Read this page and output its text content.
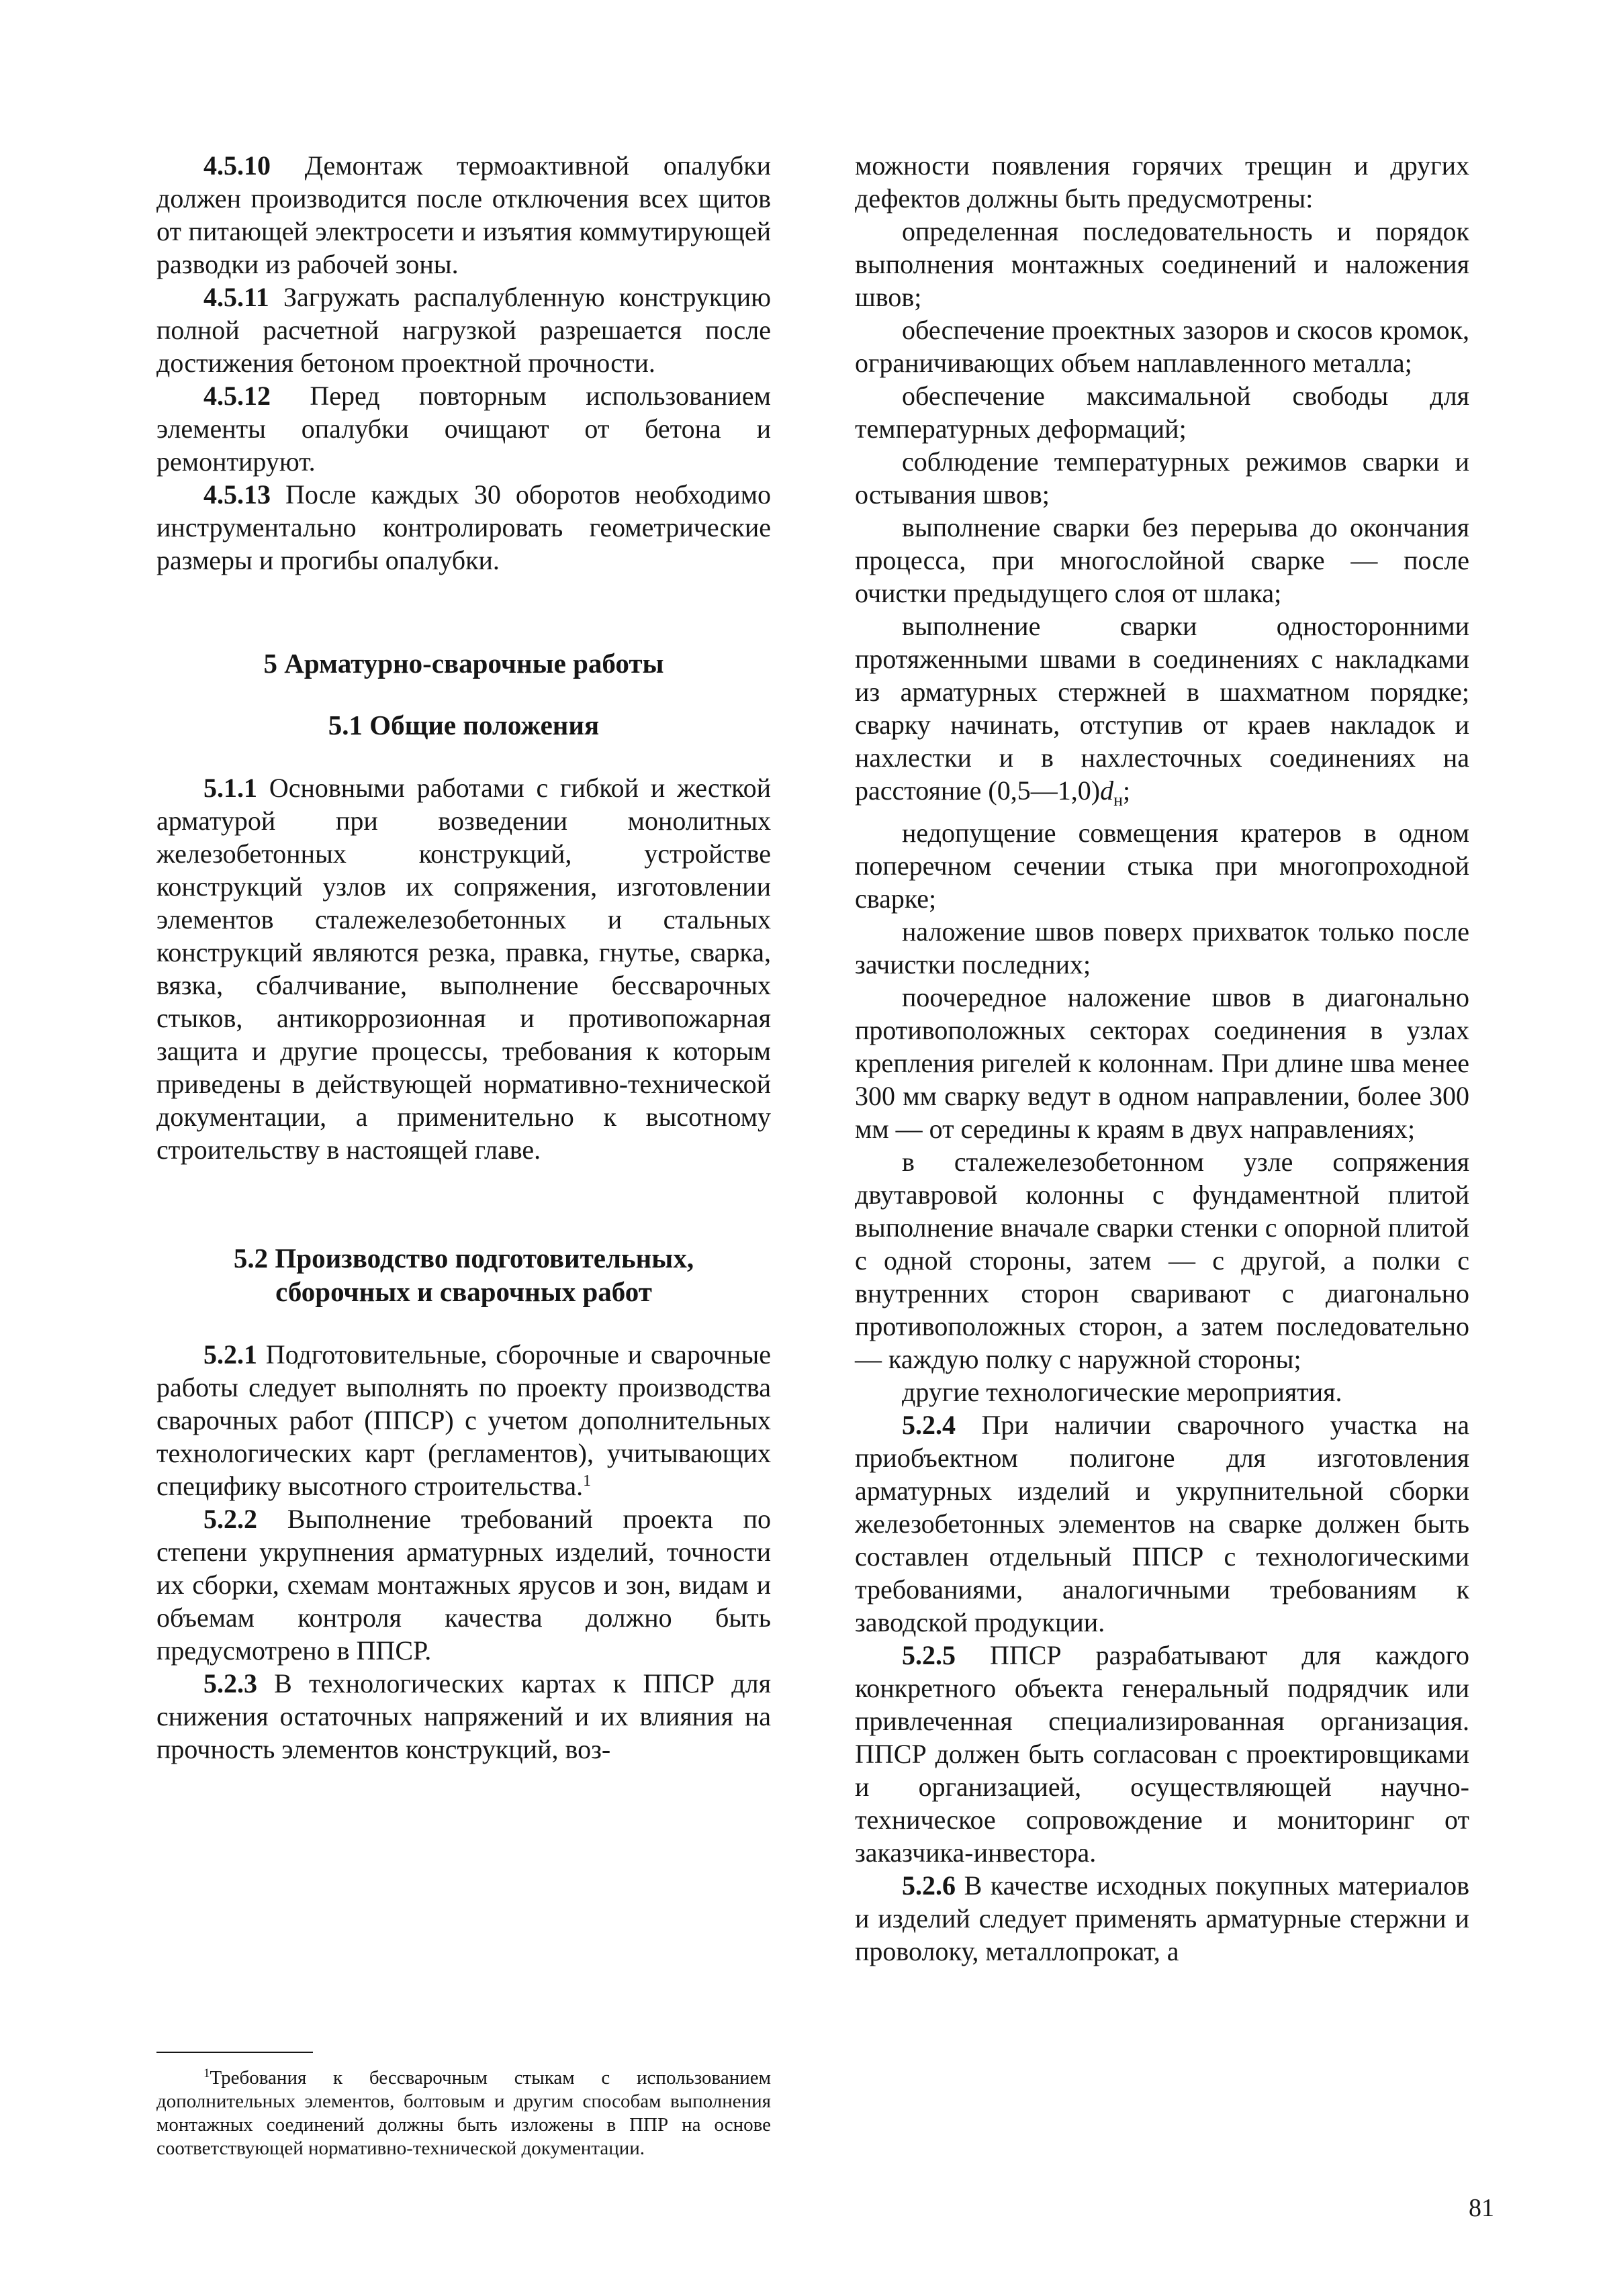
4.5.10 Демонтаж термоактивной опалубки должен производится после отключения всех щитов от питающей электросети и изъятия коммутирующей разводки из рабочей зоны.

4.5.11 Загружать распалубленную конструкцию полной расчетной нагрузкой разрешается после достижения бетоном проектной прочности.

4.5.12 Перед повторным использованием элементы опалубки очищают от бетона и ремонтируют.

4.5.13 После каждых 30 оборотов необходимо инструментально контролировать геометрические размеры и прогибы опалубки.

5 Арматурно-сварочные работы
5.1 Общие положения

5.1.1 Основными работами с гибкой и жесткой арматурой при возведении монолитных железобетонных конструкций, устройстве конструкций узлов их сопряжения, изготовлении элементов сталежелезобетонных и стальных конструкций являются резка, правка, гнутье, сварка, вязка, сбалчивание, выполнение бессварочных стыков, антикоррозионная и противопожарная защита и другие процессы, требования к которым приведены в действующей нормативно-технической документации, а применительно к высотному строительству в настоящей главе.

5.2 Производство подготовительных,
сборочных и сварочных работ

5.2.1 Подготовительные, сборочные и сварочные работы следует выполнять по проекту производства сварочных работ (ППСР) с учетом дополнительных технологических карт (регламентов), учитывающих специфику высотного строительства.$^1$

5.2.2 Выполнение требований проекта по степени укрупнения арматурных изделий, точности их сборки, схемам монтажных ярусов и зон, видам и объемам контроля качества должно быть предусмотрено в ППСР.

5.2.3 В технологических картах к ППСР для снижения остаточных напряжений и их влияния на прочность элементов конструкций, воз-

$^1$Требования к бессварочным стыкам с использованием дополнительных элементов, болтовым и другим способам выполнения монтажных соединений должны быть изложены в ППР на основе соответствующей нормативно-технической документации.

можности появления горячих трещин и других дефектов должны быть предусмотрены:

определенная последовательность и порядок выполнения монтажных соединений и наложения швов;

обеспечение проектных зазоров и скосов кромок, ограничивающих объем наплавленного металла;

обеспечение максимальной свободы для температурных деформаций;

соблюдение температурных режимов сварки и остывания швов;

выполнение сварки без перерыва до окончания процесса, при многослойной сварке — после очистки предыдущего слоя от шлака;

выполнение сварки односторонними протяженными швами в соединениях с накладками из арматурных стержней в шахматном порядке; сварку начинать, отступив от краев накладок и нахлестки и в нахлесточных соединениях на расстояние $(0,5—1,0)d_н$;

недопущение совмещения кратеров в одном поперечном сечении стыка при многопроходной сварке;

наложение швов поверх прихваток только после зачистки последних;

поочередное наложение швов в диагонально противоположных секторах соединения в узлах крепления ригелей к колоннам. При длине шва менее 300 мм сварку ведут в одном направлении, более 300 мм — от середины к краям в двух направлениях;

в сталежелезобетонном узле сопряжения двутавровой колонны с фундаментной плитой выполнение вначале сварки стенки с опорной плитой с одной стороны, затем — с другой, а полки с внутренних сторон сваривают с диагонально противоположных сторон, а затем последовательно — каждую полку с наружной стороны;

другие технологические мероприятия.

5.2.4 При наличии сварочного участка на приобъектном полигоне для изготовления арматурных изделий и укрупнительной сборки железобетонных элементов на сварке должен быть составлен отдельный ППСР с технологическими требованиями, аналогичными требованиям к заводской продукции.

5.2.5 ППСР разрабатывают для каждого конкретного объекта генеральный подрядчик или привлеченная специализированная организация. ППСР должен быть согласован с проектировщиками и организацией, осуществляющей научно-техническое сопровождение и мониторинг от заказчика-инвестора.

5.2.6 В качестве исходных покупных материалов и изделий следует применять арматурные стержни и проволоку, металлопрокат, а

81
